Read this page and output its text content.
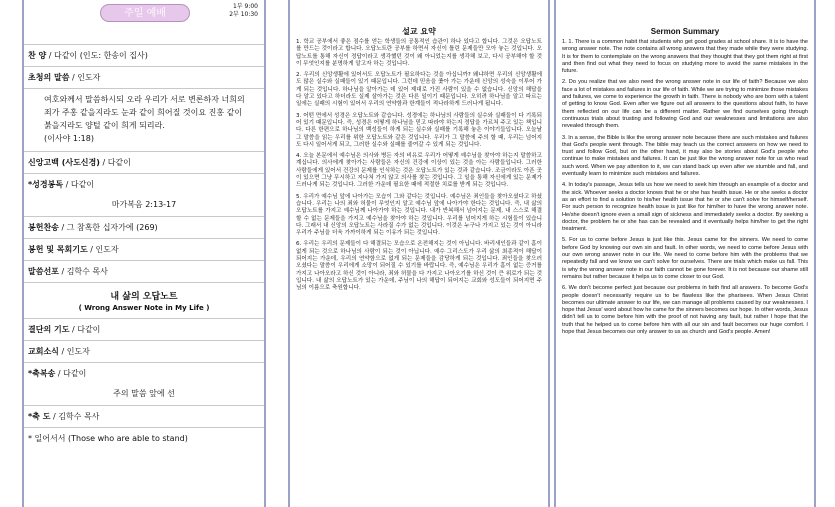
주일 예배
1부 9:00
2부 10:30
찬 양 / 다같이 (인도: 한송이 집사)
초청의 말씀 / 인도자
여호와께서 말씀하시되 오라 우리가 서로 변론하자 너희의 죄가 주홍 같을지라도 눈과 같이 희어질 것이요 진홍 같이 붉을지라도 양털 같이 희게 되리라.
(이사야 1:18)
신앙고백 (사도신경) / 다같이
*성경봉독 / 다같이
마가복음 2:13-17
봉헌찬송 / 그 참혹한 십자가에 (269)
봉헌 및 목회기도 / 인도자
말씀선포 / 김학수 목사
내 삶의 오답노트
( Wrong Answer Note in My Life )
결단의 기도 / 다같이
교회소식 / 인도자
*축복송 / 다같이
주의 말씀 앞에 선
*축 도 / 김학수 목사
* 일어서서 (Those who are able to stand)
설교 요약

1. 학교 공부에서 좋은 점수를 얻는 학생들의 공통적인 습관이 하나 있다고 합니다. 그것은 오답노트를 만드는 것이라고 합니다. 오답노트란 공부를 하면서 자신이 틀린 문제들만 모아 놓는 것입니다. 오답노트를 통해 자신이 정답이라고 생각했던 것이 왜 아니었는지를 생각해 보고, 다시 공부해야 할 것이 무엇인지를 분명하게 알고자 하는 것입니다.

2. 우리의 신앙생활에 있어서도 오답노트가 필요하다는 것을 아십니까? 왜냐하면 우리의 신앙생활에도 많은 실수와 실패들이 있기 때문입니다. 그런데 믿음을 좇아 가는 가운데 신앙의 성숙을 이루어 가게 되는 것입니다. 하나님을 알아가는 데 있어 제대로 가진 사람이 있을 수 없습니다. 신앙의 해답을 다 알고 있다고 하더라도 실제 살아가는 것은 다른 일이기 때문입니다. 오히려 하나님을 알고 따르는 일에는 실패의 시험이 있어서 우리의 연약함과 한계들이 적나라하게 드러나게 됩니다.

3. 어떤 면에서 성경은 오답노트와 같습니다. 성경에는 하나님의 사람들의 실수와 실패들이 다 기록되어 있기 때문입니다. 즉, 성경은 어떻게 하나님을 믿고 따라야 하는지 정답을 가르쳐 주고 있는 책입니다. 다른 한편으로 하나님의 백성들이 하게 되는 실수와 실패를 기록해 놓은 이야기들입니다. 오늘날 그 말씀을 읽는 우리를 위한 오답노트와 같은 것입니다. 우리가 그 말씀에 주의 할 때, 우리는 넘어지도 다시 일어서게 되고, 그러한 실수와 실패를 줄여갈 수 있게 되는 것입니다.

4. 오늘 본문에서 예수님은 의사와 병든 자의 비유로 우리가 어떻게 예수님을 찾아야 하는지 말씀하고 계십니다. 의사에게 찾아가는 사람들은 자신의 건강에 이상이 있는 것을 아는 사람들입니다. 그러한 사람들에게 있어서 건강의 문제를 인식하는 것은 오답노트가 있는 것과 같습니다. 조금이라도 아픈 곳이 있으면 그냥 무시하고 지나쳐 가지 않고 의사를 찾는 것입니다. 그 일을 통해 자신에게 있는 문제가 드러나게 되는 것입니다. 그러한 가운데 필요한 때에 적절한 치료를 받게 되는 것입니다.

5. 우리가 예수님 앞에 나아가는 모습이 그와 같다는 것입니다. 예수님은 죄인들을 찾아오셨다고 하셨습니다. 우리는 나의 죄와 허물이 무엇인지 알고 예수님 앞에 나아가야 한다는 것입니다. 즉, 내 삶의 오답노트를 가지고 예수님께 나아가야 하는 것입니다. 내가 반복해서 넘어지는 문제, 내 스스로 해결할 수 없는 문제들을 가지고 예수님을 찾아야 하는 것입니다. 우리를 넘어지게 하는 시험들이 있습니다. 그래서 내 신앙의 오답노트는 사라질 수가 없는 것입니다. 이것은 누구나 가지고 있는 것이 아니라 우리가 주님을 더욱 가까이하게 되는 이유가 되는 것입니다.

6. 우리는 우리의 문제들이 다 해결되는 모습으로 온전해지는 것이 아닙니다. 바리새인들과 같이 흠이 없게 되는 것으로 하나님의 사람이 되는 것이 아닙니다. 예수 그리스도가 우리 삶의 최종적이 해답이 되어지는 가운데, 우리의 연약함으로 없게 되는 문제들을 감당하게 되는 것입니다. 죄인들을 찾으러 오셨다는 말씀이 우리에게 소망이 되어질 수 있기를 바랍니다. 즉, 예수님은 우리가 흠이 없는 증거를 가지고 나아오라고 하신 것이 아니라, 죄와 허물을 다 가지고 나아오기를 하신 것이 큰 위로가 되는 것입니다. 내 삶의 오답노트가 있는 가운데, 주님이 나의 해답이 되어지는 교회와 성도들이 되어지면 주님의 이름으로 축원합니다.

Sermon Summary

1. 1. There is a common habit that students who get good grades at school share. It is to have the wrong answer note. The note contains all wrong answers that they made while they were studying. It is for them to contemplate on the wrong answers that they thought that they got them right at first and then find out what they need to focus on studying more to avoid the same mistakes in the future.

2. Do you realize that we also need the wrong answer note in our life of faith? Because we also face a lot of mistakes and failures in our life of faith. While we are trying to minimize those mistakes and failures, we come to experience the growth in faith. There is nobody who are born with a talent of getting to know God. Even after we figure out all answers to the questions about faith, to have them reflected on our life can be a different matter. Rather we find ourselves going through continuous trials about trusting and following God and our weaknesses and limitations are also revealed through them.

3. In a sense, the Bible is like the wrong answer note because there are such mistakes and failures that God's people went through. The bible may teach us the correct answers on how we need to trust and follow God, but on the other hand, it may also be stories about God's people who continue to make mistakes and failures. It can be just like the wrong answer note for us who read such word. When we pay attention to it, we can stand back up even after we stumble and fall, and eventually learn to minimize such mistakes and failures.

4. In today's passage, Jesus tells us how we need to seek him through an example of a doctor and the sick. Whoever seeks a doctor knows that he or she has health issue. He or she seeks a doctor as an effort to find a solution to his/her health issue that he or she can't solve for himself/herself. For such person to recognize health issue is just like for him/her to have the wrong answer note. He/she doesn't ignore even a small sign of sickness and immediately seeks a doctor. By seeking a doctor, the problem he or she has can be revealed and it eventually helps him/her to get the right treatment.

5. For us to come before Jesus is just like this. Jesus came for the sinners. We need to come before God by knowing our own sin and fault. In other words, we need to come before Jesus with our own wrong answer note in our life. We need to come before him with the problems that we repeatedly fall and we know we can't solve for ourselves. There are trials which make us fall. This is why the wrong answer note in our faith cannot be gone forever. It is not because our shame still remains but rather because it helps us to come closer to our God.

6. We don't become perfect just because our problems in faith find all answers. To become God's people doesn't necessarily require us to be flawless like the pharisees. When Jesus Christ becomes our ultimate answer to our life, we can manage all problems caused by our weaknesses. I hope that Jesus' word about how he came for the sinners becomes our hope. In other words, Jesus didn't tell us to come before him with the proof of not having any fault, but rather I hope that the truth that he helped us to come before him with all our sin and fault becomes our huge comfort. I hope that Jesus becomes our only answer to us as church and God's people. Amen!
